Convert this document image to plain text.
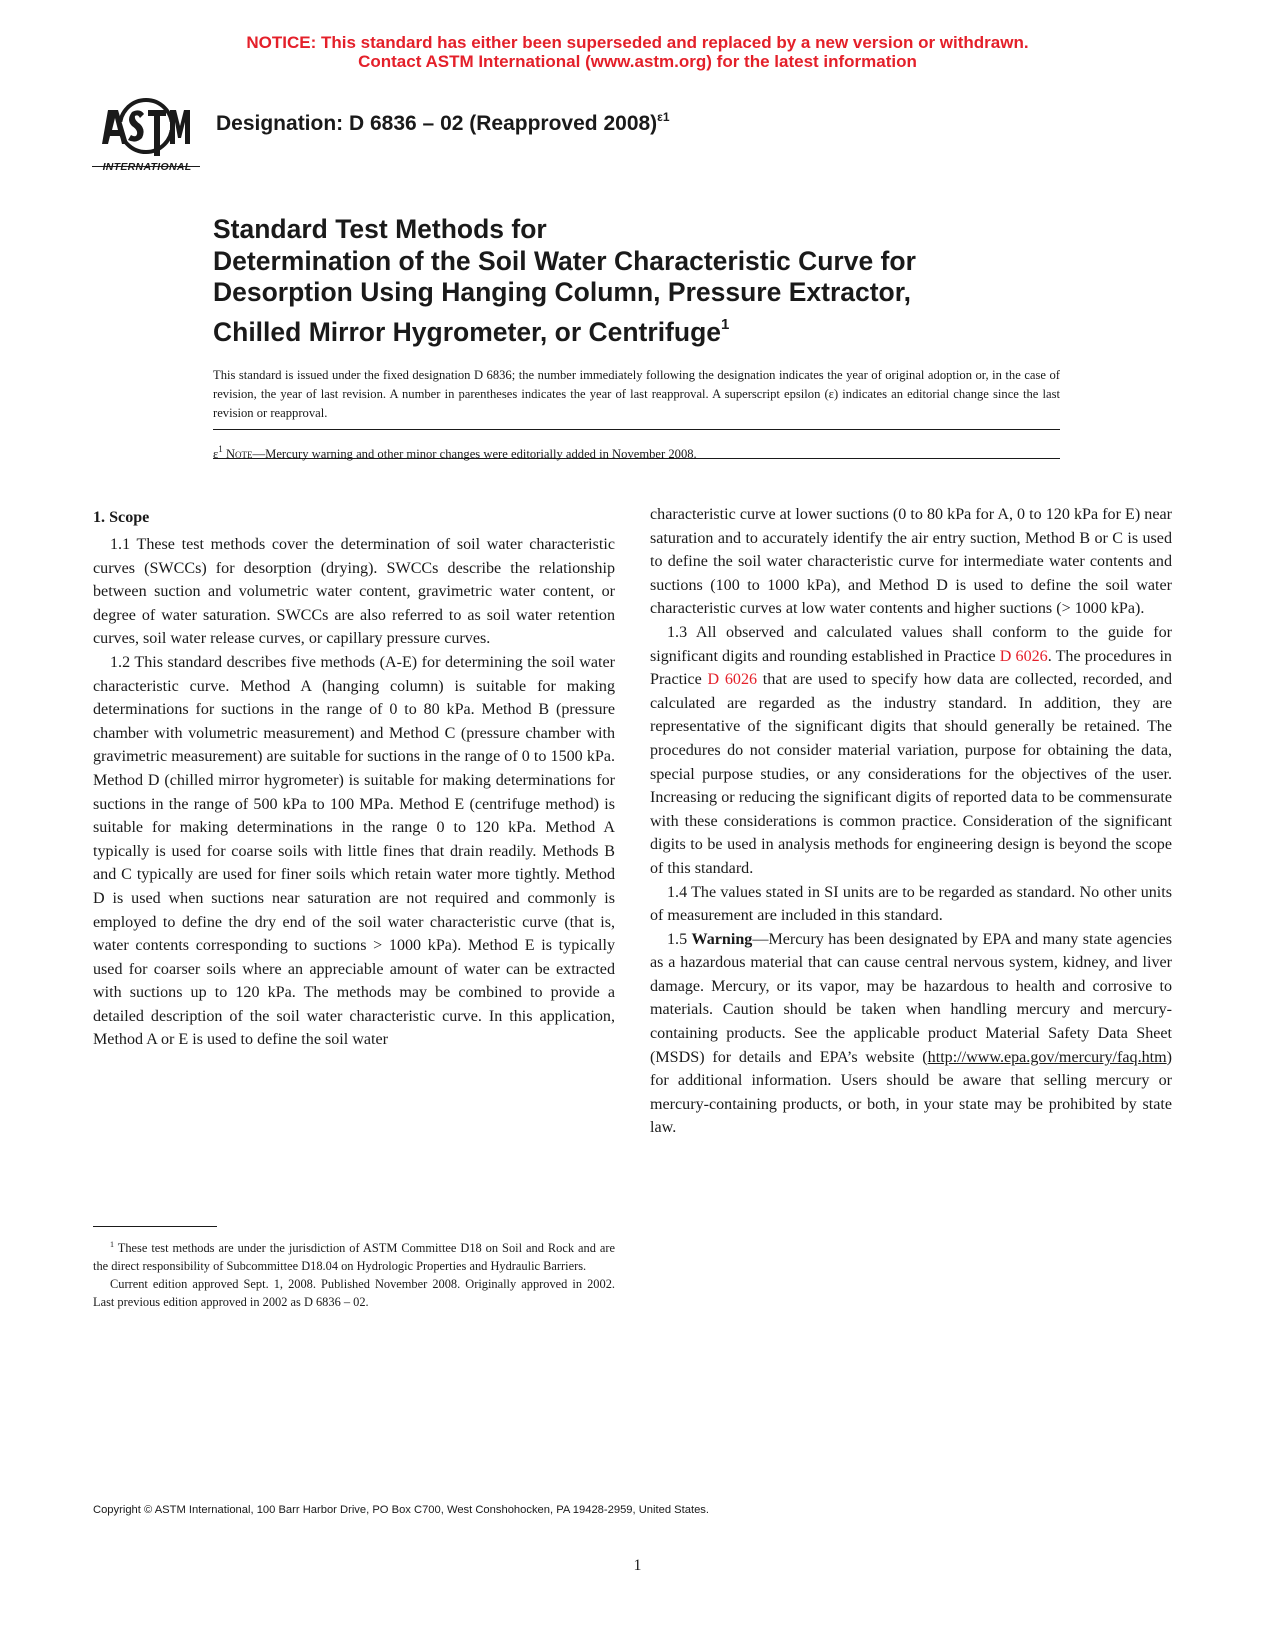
NOTICE: This standard has either been superseded and replaced by a new version or withdrawn.
Contact ASTM International (www.astm.org) for the latest information
INTERNATIONAL
Designation: D 6836 – 02 (Reapproved 2008)$^{\varepsilon 1}$
Standard Test Methods for
Determination of the Soil Water Characteristic Curve for
Desorption Using Hanging Column, Pressure Extractor,
Chilled Mirror Hygrometer, or Centrifuge$^1$
This standard is issued under the fixed designation D 6836; the number immediately following the designation indicates the year of original adoption or, in the case of revision, the year of last revision. A number in parentheses indicates the year of last reapproval. A superscript epsilon (ε) indicates an editorial change since the last revision or reapproval.
$\varepsilon^1$ Note—Mercury warning and other minor changes were editorially added in November 2008.
1. Scope

1.1 These test methods cover the determination of soil water characteristic curves (SWCCs) for desorption (drying). SWCCs describe the relationship between suction and volumetric water content, gravimetric water content, or degree of water saturation. SWCCs are also referred to as soil water retention curves, soil water release curves, or capillary pressure curves.

1.2 This standard describes five methods (A-E) for determining the soil water characteristic curve. Method A (hanging column) is suitable for making determinations for suctions in the range of 0 to 80 kPa. Method B (pressure chamber with volumetric measurement) and Method C (pressure chamber with gravimetric measurement) are suitable for suctions in the range of 0 to 1500 kPa. Method D (chilled mirror hygrometer) is suitable for making determinations for suctions in the range of 500 kPa to 100 MPa. Method E (centrifuge method) is suitable for making determinations in the range 0 to 120 kPa. Method A typically is used for coarse soils with little fines that drain readily. Methods B and C typically are used for finer soils which retain water more tightly. Method D is used when suctions near saturation are not required and commonly is employed to define the dry end of the soil water characteristic curve (that is, water contents corresponding to suctions > 1000 kPa). Method E is typically used for coarser soils where an appreciable amount of water can be extracted with suctions up to 120 kPa. The methods may be combined to provide a detailed description of the soil water characteristic curve. In this application, Method A or E is used to define the soil water

characteristic curve at lower suctions (0 to 80 kPa for A, 0 to 120 kPa for E) near saturation and to accurately identify the air entry suction, Method B or C is used to define the soil water characteristic curve for intermediate water contents and suctions (100 to 1000 kPa), and Method D is used to define the soil water characteristic curves at low water contents and higher suctions (> 1000 kPa).

1.3 All observed and calculated values shall conform to the guide for significant digits and rounding established in Practice D 6026. The procedures in Practice D 6026 that are used to specify how data are collected, recorded, and calculated are regarded as the industry standard. In addition, they are representative of the significant digits that should generally be retained. The procedures do not consider material variation, purpose for obtaining the data, special purpose studies, or any considerations for the objectives of the user. Increasing or reducing the significant digits of reported data to be commensurate with these considerations is common practice. Consideration of the significant digits to be used in analysis methods for engineering design is beyond the scope of this standard.

1.4 The values stated in SI units are to be regarded as standard. No other units of measurement are included in this standard.

1.5 Warning—Mercury has been designated by EPA and many state agencies as a hazardous material that can cause central nervous system, kidney, and liver damage. Mercury, or its vapor, may be hazardous to health and corrosive to materials. Caution should be taken when handling mercury and mercury-containing products. See the applicable product Material Safety Data Sheet (MSDS) for details and EPA’s website (http://www.epa.gov/mercury/faq.htm) for additional information. Users should be aware that selling mercury or mercury-containing products, or both, in your state may be prohibited by state law.

$^1$ These test methods are under the jurisdiction of ASTM Committee D18 on Soil and Rock and are the direct responsibility of Subcommittee D18.04 on Hydrologic Properties and Hydraulic Barriers.

Current edition approved Sept. 1, 2008. Published November 2008. Originally approved in 2002. Last previous edition approved in 2002 as D 6836 – 02.

Copyright © ASTM International, 100 Barr Harbor Drive, PO Box C700, West Conshohocken, PA 19428-2959, United States.
1
